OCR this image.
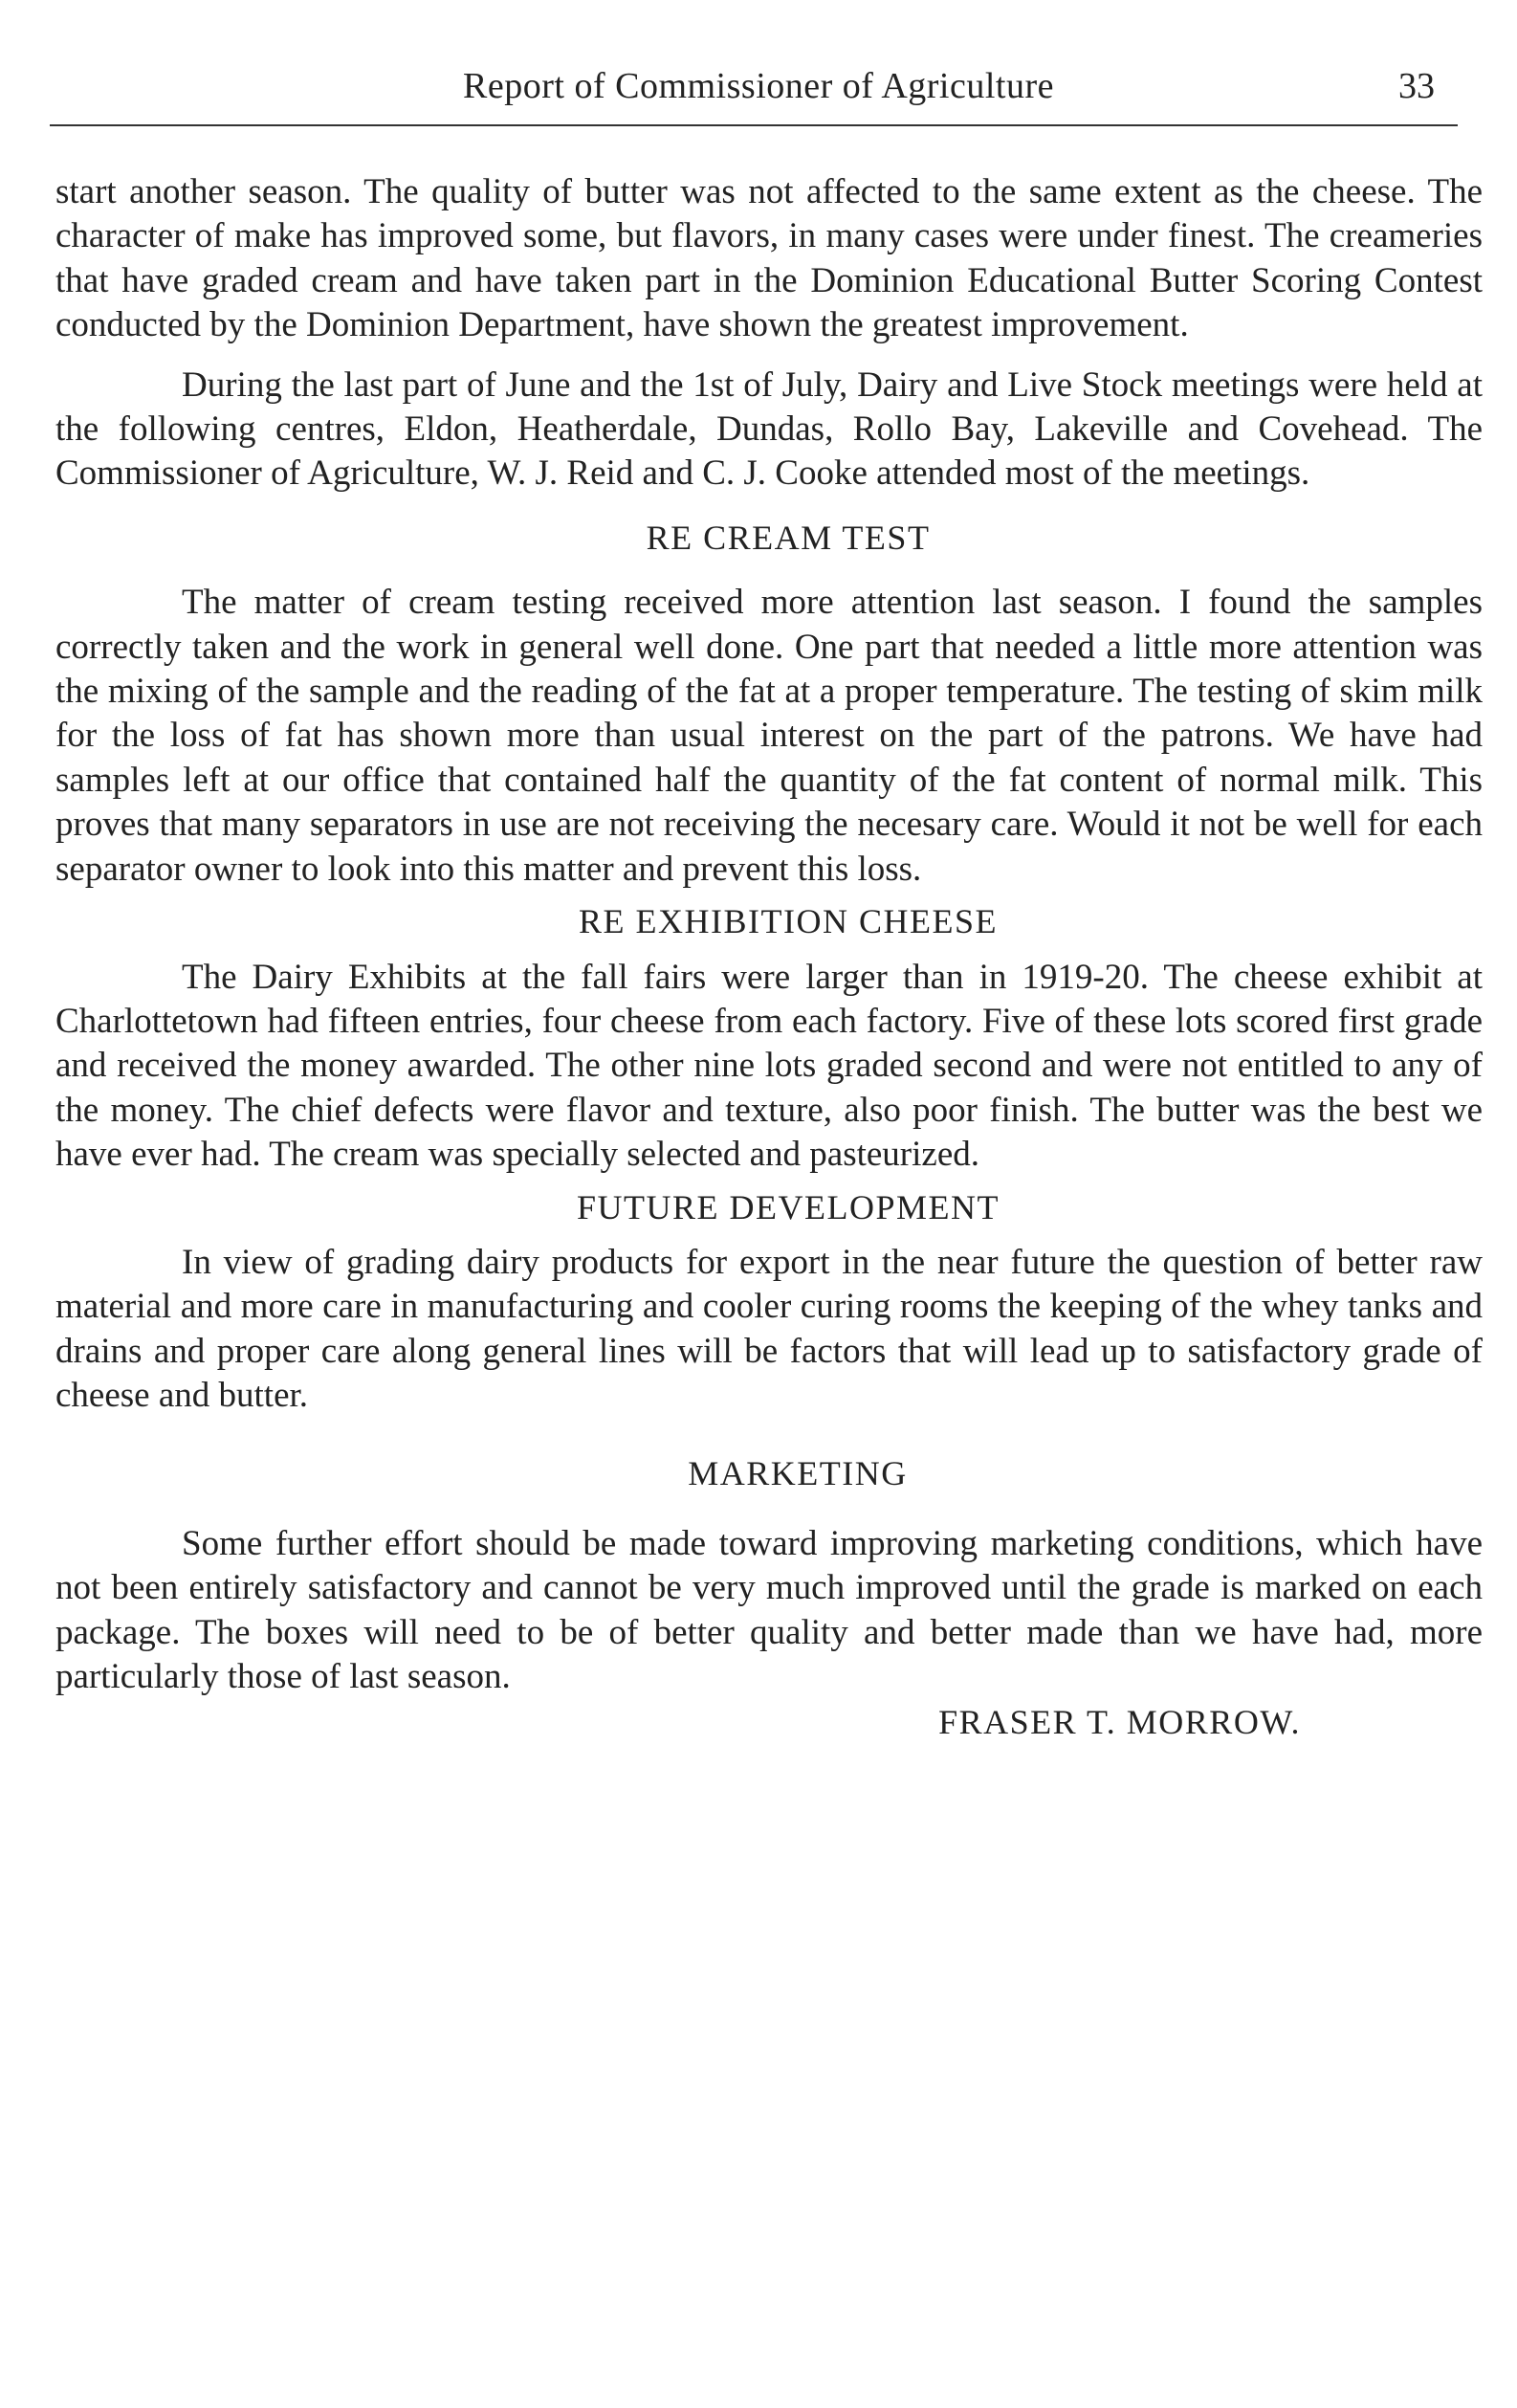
Report of Commissioner of Agriculture	33

start another season. The quality of butter was not affected to the same extent as the cheese. The character of make has improved some, but flavors, in many cases were under finest. The creameries that have graded cream and have taken part in the Dominion Educational Butter Scoring Contest conducted by the Dominion Department, have shown the greatest improvement.

During the last part of June and the 1st of July, Dairy and Live Stock meetings were held at the following centres, Eldon, Heatherdale, Dundas, Rollo Bay, Lakeville and Covehead. The Commissioner of Agriculture, W. J. Reid and C. J. Cooke attended most of the meetings.

RE CREAM TEST

The matter of cream testing received more attention last season. I found the samples correctly taken and the work in general well done. One part that needed a little more attention was the mixing of the sample and the reading of the fat at a proper temperature. The testing of skim milk for the loss of fat has shown more than usual interest on the part of the patrons. We have had samples left at our office that contained half the quantity of the fat content of normal milk. This proves that many separators in use are not receiving the necesary care. Would it not be well for each separator owner to look into this matter and prevent this loss.

RE EXHIBITION CHEESE

The Dairy Exhibits at the fall fairs were larger than in 1919-20. The cheese exhibit at Charlottetown had fifteen entries, four cheese from each factory. Five of these lots scored first grade and received the money awarded. The other nine lots graded second and were not entitled to any of the money. The chief defects were flavor and texture, also poor finish. The butter was the best we have ever had. The cream was specially selected and pasteurized.

FUTURE DEVELOPMENT

In view of grading dairy products for export in the near future the question of better raw material and more care in manufacturing and cooler curing rooms the keeping of the whey tanks and drains and proper care along general lines will be factors that will lead up to satisfactory grade of cheese and butter.

MARKETING

Some further effort should be made toward improving marketing conditions, which have not been entirely satisfactory and cannot be very much improved until the grade is marked on each package. The boxes will need to be of better quality and better made than we have had, more particularly those of last season.

FRASER T. MORROW.
